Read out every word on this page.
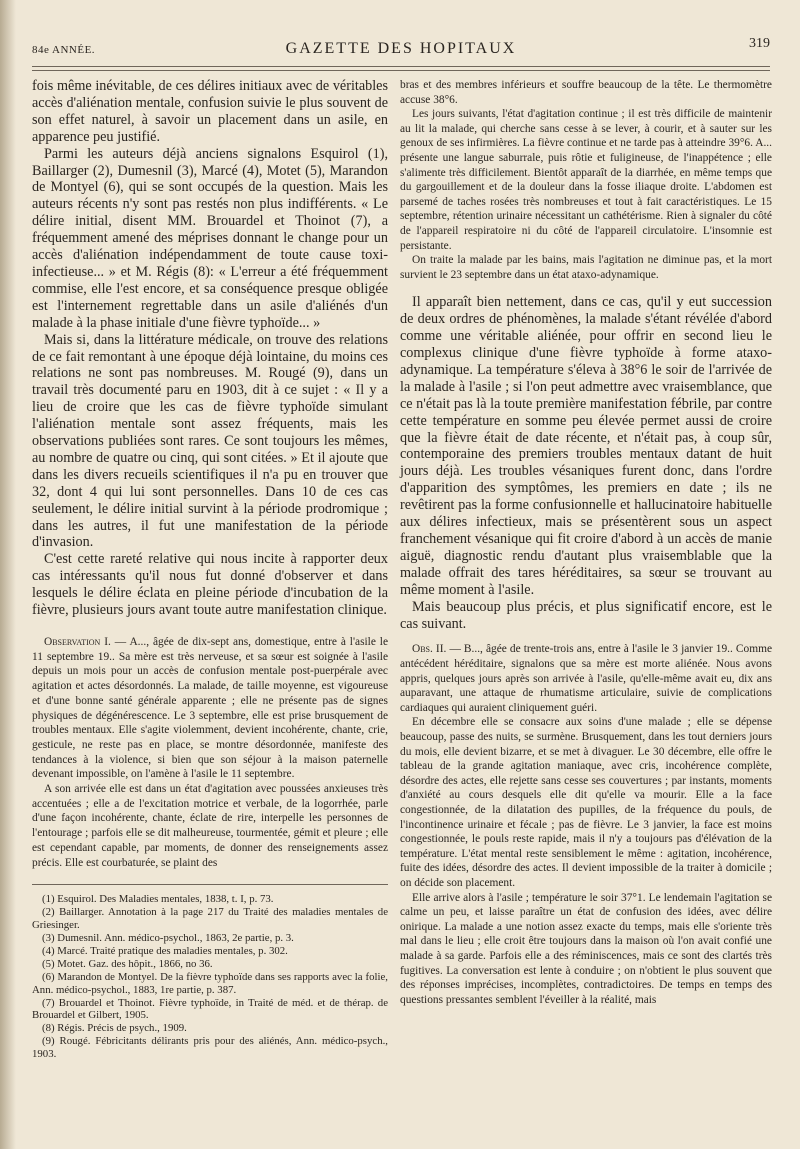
84e ANNÉE.	GAZETTE DES HOPITAUX	319

fois même inévitable, de ces délires initiaux avec de véritables accès d'aliénation mentale, confusion suivie le plus souvent de son effet naturel, à savoir un placement dans un asile, en apparence peu justifié.

Parmi les auteurs déjà anciens signalons Esquirol (1), Baillarger (2), Dumesnil (3), Marcé (4), Motet (5), Marandon de Montyel (6), qui se sont occupés de la question. Mais les auteurs récents n'y sont pas restés non plus indifférents. « Le délire initial, disent MM. Brouardel et Thoinot (7), a fréquemment amené des méprises donnant le change pour un accès d'aliénation indépendamment de toute cause toxi-infectieuse... » et M. Régis (8): « L'erreur a été fréquemment commise, elle l'est encore, et sa conséquence presque obligée est l'internement regrettable dans un asile d'aliénés d'un malade à la phase initiale d'une fièvre typhoïde... »

Mais si, dans la littérature médicale, on trouve des relations de ce fait remontant à une époque déjà lointaine, du moins ces relations ne sont pas nombreuses. M. Rougé (9), dans un travail très documenté paru en 1903, dit à ce sujet : « Il y a lieu de croire que les cas de fièvre typhoïde simulant l'aliénation mentale sont assez fréquents, mais les observations publiées sont rares. Ce sont toujours les mêmes, au nombre de quatre ou cinq, qui sont citées. » Et il ajoute que dans les divers recueils scientifiques il n'a pu en trouver que 32, dont 4 qui lui sont personnelles. Dans 10 de ces cas seulement, le délire initial survint à la période prodromique ; dans les autres, il fut une manifestation de la période d'invasion.

C'est cette rareté relative qui nous incite à rapporter deux cas intéressants qu'il nous fut donné d'observer et dans lesquels le délire éclata en pleine période d'incubation de la fièvre, plusieurs jours avant toute autre manifestation clinique.

Observation I. — A..., âgée de dix-sept ans, domestique, entre à l'asile le 11 septembre 19.. Sa mère est très nerveuse, et sa sœur est soignée à l'asile depuis un mois pour un accès de confusion mentale post-puerpérale avec agitation et actes désordonnés. La malade, de taille moyenne, est vigoureuse et d'une bonne santé générale apparente ; elle ne présente pas de signes physiques de dégénérescence. Le 3 septembre, elle est prise brusquement de troubles mentaux. Elle s'agite violemment, devient incohérente, chante, crie, gesticule, ne reste pas en place, se montre désordonnée, manifeste des tendances à la violence, si bien que son séjour à la maison paternelle devenant impossible, on l'amène à l'asile le 11 septembre.

A son arrivée elle est dans un état d'agitation avec poussées anxieuses très accentuées ; elle a de l'excitation motrice et verbale, de la logorrhée, parle d'une façon incohérente, chante, éclate de rire, interpelle les personnes de l'entourage ; parfois elle se dit malheureuse, tourmentée, gémit et pleure ; elle est cependant capable, par moments, de donner des renseignements assez précis. Elle est courbaturée, se plaint des

(1) Esquirol. Des Maladies mentales, 1838, t. I, p. 73.
(2) Baillarger. Annotation à la page 217 du Traité des maladies mentales de Griesinger.
(3) Dumesnil. Ann. médico-psychol., 1863, 2e partie, p. 3.
(4) Marcé. Traité pratique des maladies mentales, p. 302.
(5) Motet. Gaz. des hôpit., 1866, no 36.
(6) Marandon de Montyel. De la fièvre typhoïde dans ses rapports avec la folie, Ann. médico-psychol., 1883, 1re partie, p. 387.
(7) Brouardel et Thoinot. Fièvre typhoïde, in Traité de méd. et de thérap. de Brouardel et Gilbert, 1905.
(8) Régis. Précis de psych., 1909.
(9) Rougé. Fébricitants délirants pris pour des aliénés, Ann. médico-psych., 1903.

bras et des membres inférieurs et souffre beaucoup de la tête. Le thermomètre accuse 38°6.

Les jours suivants, l'état d'agitation continue ; il est très difficile de maintenir au lit la malade, qui cherche sans cesse à se lever, à courir, et à sauter sur les genoux de ses infirmières. La fièvre continue et ne tarde pas à atteindre 39°6. A... présente une langue saburrale, puis rôtie et fuligineuse, de l'inappétence ; elle s'alimente très difficilement. Bientôt apparaît de la diarrhée, en même temps que du gargouillement et de la douleur dans la fosse iliaque droite. L'abdomen est parsemé de taches rosées très nombreuses et tout à fait caractéristiques. Le 15 septembre, rétention urinaire nécessitant un cathétérisme. Rien à signaler du côté de l'appareil respiratoire ni du côté de l'appareil circulatoire. L'insomnie est persistante.

On traite la malade par les bains, mais l'agitation ne diminue pas, et la mort survient le 23 septembre dans un état ataxo-adynamique.

Il apparaît bien nettement, dans ce cas, qu'il y eut succession de deux ordres de phénomènes, la malade s'étant révélée d'abord comme une véritable aliénée, pour offrir en second lieu le complexus clinique d'une fièvre typhoïde à forme ataxo-adynamique. La température s'éleva à 38°6 le soir de l'arrivée de la malade à l'asile ; si l'on peut admettre avec vraisemblance, que ce n'était pas là la toute première manifestation fébrile, par contre cette température en somme peu élevée permet aussi de croire que la fièvre était de date récente, et n'était pas, à coup sûr, contemporaine des premiers troubles mentaux datant de huit jours déjà. Les troubles vésaniques furent donc, dans l'ordre d'apparition des symptômes, les premiers en date ; ils ne revêtirent pas la forme confusionnelle et hallucinatoire habituelle aux délires infectieux, mais se présentèrent sous un aspect franchement vésanique qui fit croire d'abord à un accès de manie aiguë, diagnostic rendu d'autant plus vraisemblable que la malade offrait des tares héréditaires, sa sœur se trouvant au même moment à l'asile.

Mais beaucoup plus précis, et plus significatif encore, est le cas suivant.

Obs. II. — B..., âgée de trente-trois ans, entre à l'asile le 3 janvier 19.. Comme antécédent héréditaire, signalons que sa mère est morte aliénée. Nous avons appris, quelques jours après son arrivée à l'asile, qu'elle-même avait eu, dix ans auparavant, une attaque de rhumatisme articulaire, suivie de complications cardiaques qui auraient cliniquement guéri.

En décembre elle se consacre aux soins d'une malade ; elle se dépense beaucoup, passe des nuits, se surmène. Brusquement, dans les tout derniers jours du mois, elle devient bizarre, et se met à divaguer. Le 30 décembre, elle offre le tableau de la grande agitation maniaque, avec cris, incohérence complète, désordre des actes, elle rejette sans cesse ses couvertures ; par instants, moments d'anxiété au cours desquels elle dit qu'elle va mourir. Elle a la face congestionnée, de la dilatation des pupilles, de la fréquence du pouls, de l'incontinence urinaire et fécale ; pas de fièvre. Le 3 janvier, la face est moins congestionnée, le pouls reste rapide, mais il n'y a toujours pas d'élévation de la température. L'état mental reste sensiblement le même : agitation, incohérence, fuite des idées, désordre des actes. Il devient impossible de la traiter à domicile ; on décide son placement.

Elle arrive alors à l'asile ; température le soir 37°1. Le lendemain l'agitation se calme un peu, et laisse paraître un état de confusion des idées, avec délire onirique. La malade a une notion assez exacte du temps, mais elle s'oriente très mal dans le lieu ; elle croit être toujours dans la maison où l'on avait confié une malade à sa garde. Parfois elle a des réminiscences, mais ce sont des clartés très fugitives. La conversation est lente à conduire ; on n'obtient le plus souvent que des réponses imprécises, incomplètes, contradictoires. De temps en temps des questions pressantes semblent l'éveiller à la réalité, mais
